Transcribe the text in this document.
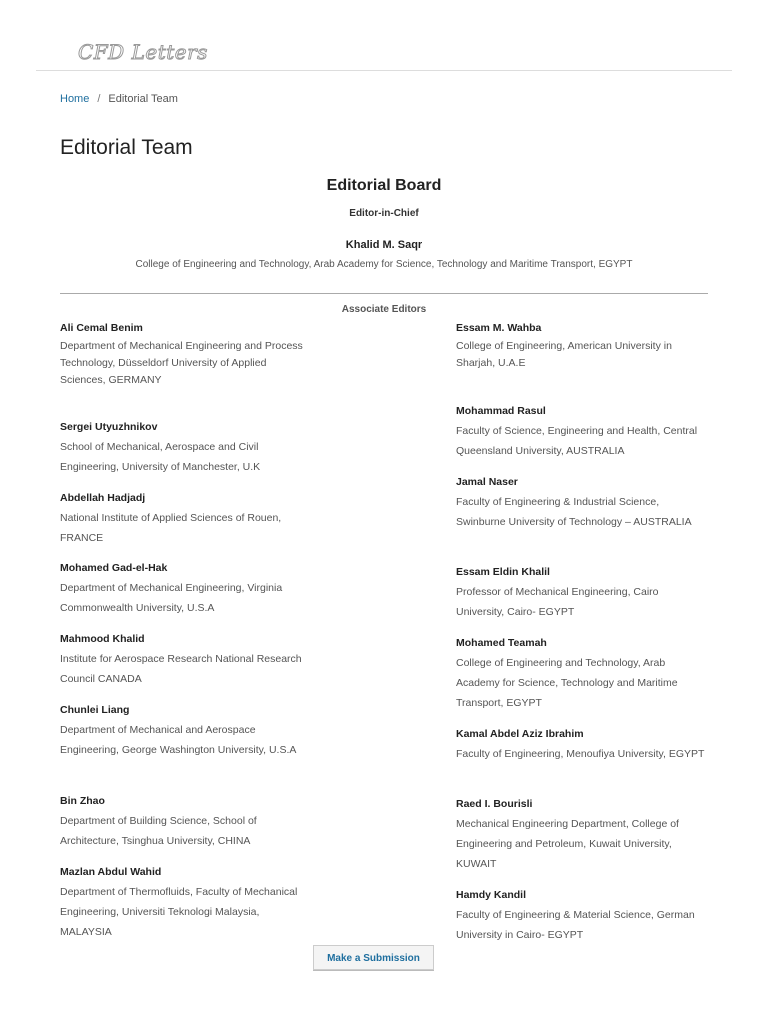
CFD Letters
Home / Editorial Team
Editorial Team
Editorial Board
Editor-in-Chief
Khalid M. Saqr
College of Engineering and Technology, Arab Academy for Science, Technology and Maritime Transport, EGYPT
Associate Editors
Ali Cemal Benim
Department of Mechanical Engineering and Process Technology, Düsseldorf University of Applied Sciences, GERMANY
Sergei Utyuzhnikov
School of Mechanical, Aerospace and Civil Engineering, University of Manchester, U.K
Abdellah Hadjadj
National Institute of Applied Sciences of Rouen, FRANCE
Mohamed Gad-el-Hak
Department of Mechanical Engineering, Virginia Commonwealth University, U.S.A
Mahmood Khalid
Institute for Aerospace Research National Research Council CANADA
Chunlei Liang
Department of Mechanical and Aerospace Engineering, George Washington University, U.S.A
Bin Zhao
Department of Building Science, School of Architecture, Tsinghua University, CHINA
Mazlan Abdul Wahid
Department of Thermofluids, Faculty of Mechanical Engineering, Universiti Teknologi Malaysia, MALAYSIA
Essam M. Wahba
College of Engineering, American University in Sharjah, U.A.E
Mohammad Rasul
Faculty of Science, Engineering and Health, Central Queensland University, AUSTRALIA
Jamal Naser
Faculty of Engineering & Industrial Science, Swinburne University of Technology – AUSTRALIA
Essam Eldin Khalil
Professor of Mechanical Engineering, Cairo University, Cairo- EGYPT
Mohamed Teamah
College of Engineering and Technology, Arab Academy for Science, Technology and Maritime Transport, EGYPT
Kamal Abdel Aziz Ibrahim
Faculty of Engineering, Menoufiya University, EGYPT
Raed I. Bourisli
Mechanical Engineering Department, College of Engineering and Petroleum, Kuwait University, KUWAIT
Hamdy Kandil
Faculty of Engineering & Material Science, German University in Cairo- EGYPT
Make a Submission
